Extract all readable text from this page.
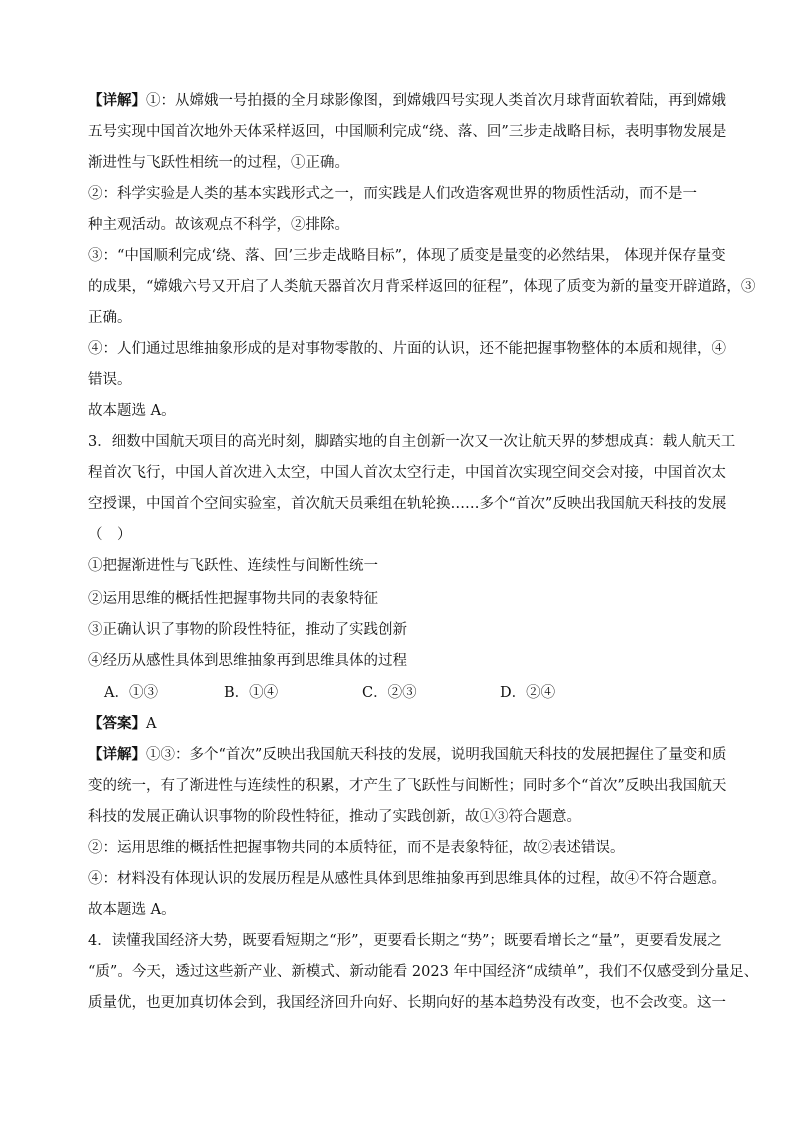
【详解】①：从嫦娥一号拍摄的全月球影像图，到嫦娥四号实现人类首次月球背面软着陆，再到嫦娥
五号实现中国首次地外天体采样返回，中国顺利完成“绕、落、回”三步走战略目标，表明事物发展是
渐进性与飞跃性相统一的过程，①正确。
②：科学实验是人类的基本实践形式之一，而实践是人们改造客观世界的物质性活动，而不是一
种主观活动。故该观点不科学，②排除。
③：“中国顺利完成‘绕、落、回’三步走战略目标”，体现了质变是量变的必然结果， 体现并保存量变
的成果，“嫦娥六号又开启了人类航天器首次月背采样返回的征程”，体现了质变为新的量变开辟道路，③
正确。
④：人们通过思维抽象形成的是对事物零散的、片面的认识，还不能把握事物整体的本质和规律，④
错误。
故本题选 A。
3．细数中国航天项目的高光时刻，脚踏实地的自主创新一次又一次让航天界的梦想成真：载人航天工
程首次飞行，中国人首次进入太空，中国人首次太空行走，中国首次实现空间交会对接，中国首次太
空授课，中国首个空间实验室，首次航天员乘组在轨轮换……多个“首次”反映出我国航天科技的发展
（　）
①把握渐进性与飞跃性、连续性与间断性统一
②运用思维的概括性把握事物共同的表象特征
③正确认识了事物的阶段性特征，推动了实践创新
④经历从感性具体到思维抽象再到思维具体的过程
A．①③	B．①④	C．②③	D．②④
【答案】A
【详解】①③：多个“首次”反映出我国航天科技的发展，说明我国航天科技的发展把握住了量变和质
变的统一，有了渐进性与连续性的积累，才产生了飞跃性与间断性；同时多个“首次”反映出我国航天
科技的发展正确认识事物的阶段性特征，推动了实践创新，故①③符合题意。
②：运用思维的概括性把握事物共同的本质特征，而不是表象特征，故②表述错误。
④：材料没有体现认识的发展历程是从感性具体到思维抽象再到思维具体的过程，故④不符合题意。
故本题选 A。
4．读懂我国经济大势，既要看短期之“形”，更要看长期之“势”；既要看增长之“量”，更要看发展之
“质”。今天，透过这些新产业、新模式、新动能看 2023 年中国经济“成绩单”，我们不仅感受到分量足、
质量优，也更加真切体会到，我国经济回升向好、长期向好的基本趋势没有改变，也不会改变。这一
